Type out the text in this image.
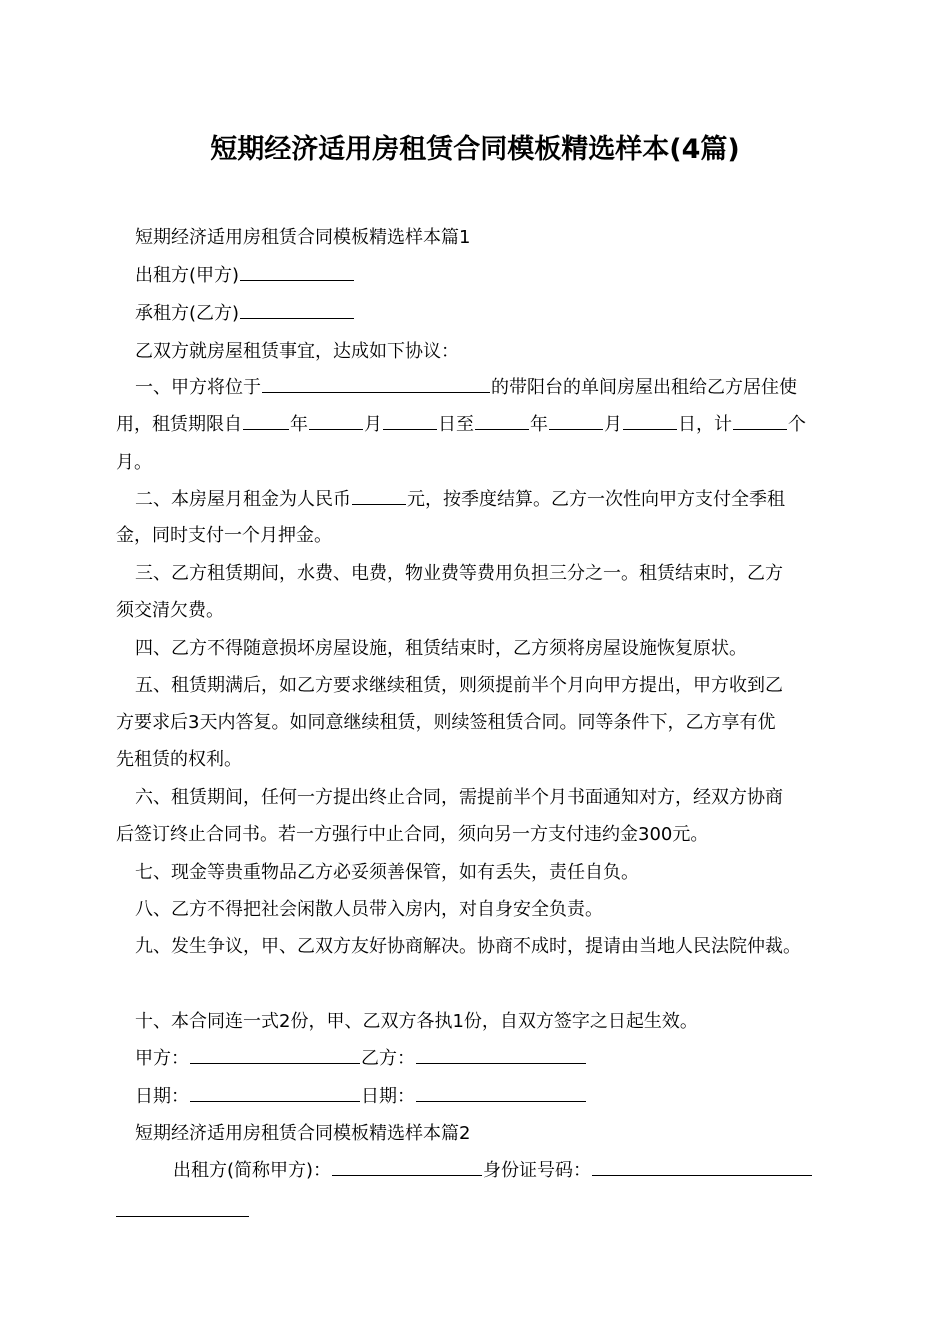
短期经济适用房租赁合同模板精选样本(4篇)
短期经济适用房租赁合同模板精选样本篇1
出租方(甲方)
承租方(乙方)
乙双方就房屋租赁事宜，达成如下协议：
一、甲方将位于	的带阳台的单间房屋出租给乙方居住使
用，租赁期限自	年	月	日至	年	月	日，计	个
月。
二、本房屋月租金为人民币	元，按季度结算。乙方一次性向甲方支付全季租
金，同时支付一个月押金。
三、乙方租赁期间，水费、电费，物业费等费用负担三分之一。租赁结束时，乙方
须交清欠费。
四、乙方不得随意损坏房屋设施，租赁结束时，乙方须将房屋设施恢复原状。
五、租赁期满后，如乙方要求继续租赁，则须提前半个月向甲方提出，甲方收到乙
方要求后3天内答复。如同意继续租赁，则续签租赁合同。同等条件下，乙方享有优
先租赁的权利。
六、租赁期间，任何一方提出终止合同，需提前半个月书面通知对方，经双方协商
后签订终止合同书。若一方强行中止合同，须向另一方支付违约金300元。
七、现金等贵重物品乙方必妥须善保管，如有丢失，责任自负。
八、乙方不得把社会闲散人员带入房内，对自身安全负责。
九、发生争议，甲、乙双方友好协商解决。协商不成时，提请由当地人民法院仲裁。
十、本合同连一式2份，甲、乙双方各执1份，自双方签字之日起生效。
甲方：	乙方：
日期：	日期：
短期经济适用房租赁合同模板精选样本篇2
出租方(简称甲方)：	身份证号码：
